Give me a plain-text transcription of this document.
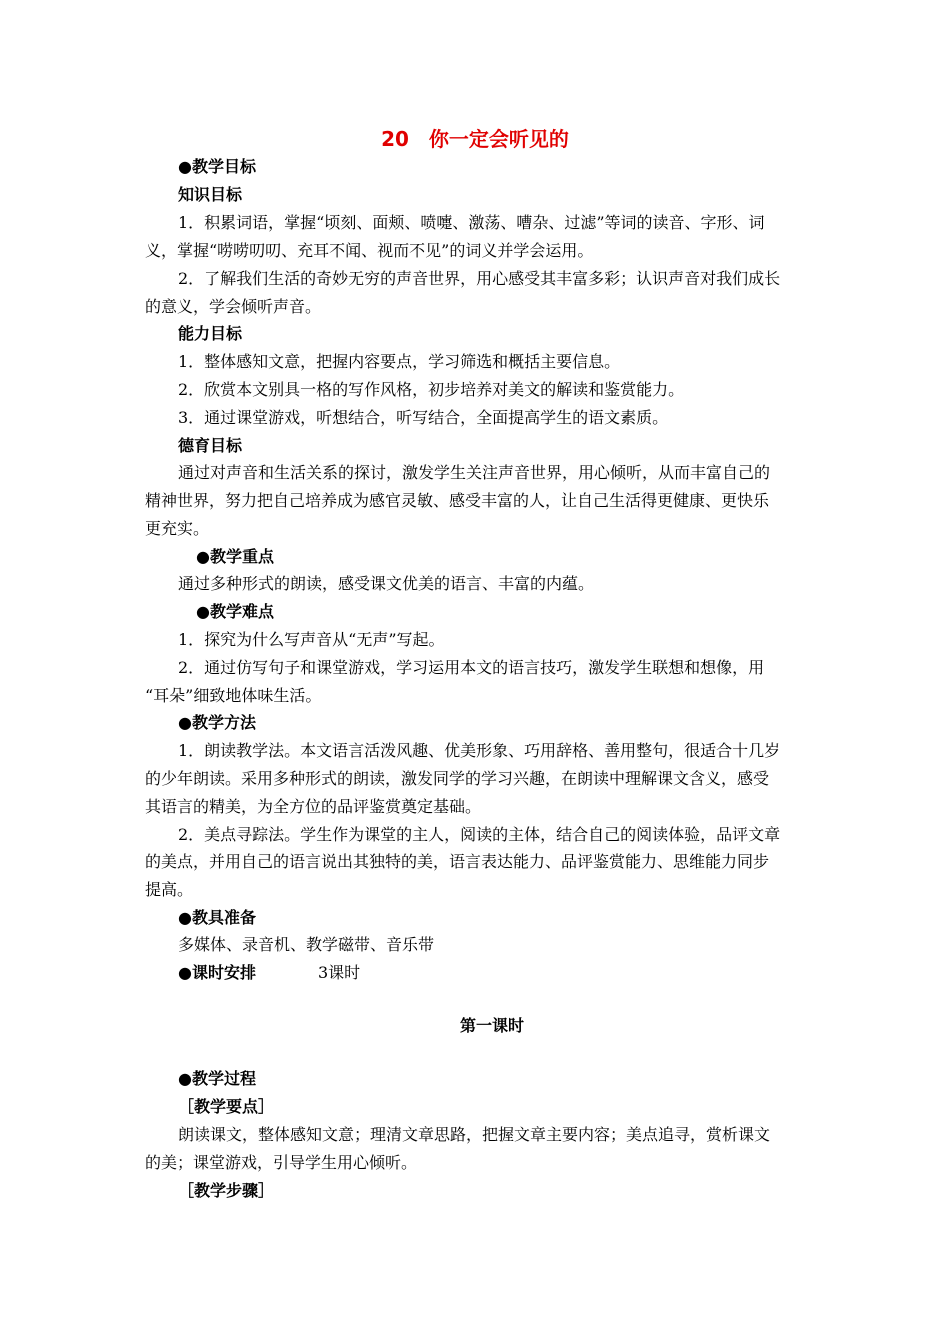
20　你一定会听见的
●教学目标
知识目标
1．积累词语，掌握“顷刻、面颊、喷嚏、激荡、嘈杂、过滤”等词的读音、字形、词
义，掌握“唠唠叨叨、充耳不闻、视而不见”的词义并学会运用。
2．了解我们生活的奇妙无穷的声音世界，用心感受其丰富多彩；认识声音对我们成长
的意义，学会倾听声音。
能力目标
1．整体感知文意，把握内容要点，学习筛选和概括主要信息。
2．欣赏本文别具一格的写作风格，初步培养对美文的解读和鉴赏能力。
3．通过课堂游戏，听想结合，听写结合，全面提高学生的语文素质。
德育目标
通过对声音和生活关系的探讨，激发学生关注声音世界，用心倾听，从而丰富自己的
精神世界，努力把自己培养成为感官灵敏、感受丰富的人，让自己生活得更健康、更快乐
更充实。
●教学重点
通过多种形式的朗读，感受课文优美的语言、丰富的内蕴。
●教学难点
1．探究为什么写声音从“无声”写起。
2．通过仿写句子和课堂游戏，学习运用本文的语言技巧，激发学生联想和想像，用
“耳朵”细致地体味生活。
●教学方法
1．朗读教学法。本文语言活泼风趣、优美形象、巧用辞格、善用整句，很适合十几岁
的少年朗读。采用多种形式的朗读，激发同学的学习兴趣，在朗读中理解课文含义，感受
其语言的精美，为全方位的品评鉴赏奠定基础。
2．美点寻踪法。学生作为课堂的主人，阅读的主体，结合自己的阅读体验，品评文章
的美点，并用自己的语言说出其独特的美，语言表达能力、品评鉴赏能力、思维能力同步
提高。
●教具准备
多媒体、录音机、教学磁带、音乐带
●课时安排	3课时
第一课时
●教学过程
［教学要点］
朗读课文，整体感知文意；理清文章思路，把握文章主要内容；美点追寻，赏析课文
的美；课堂游戏，引导学生用心倾听。
［教学步骤］
